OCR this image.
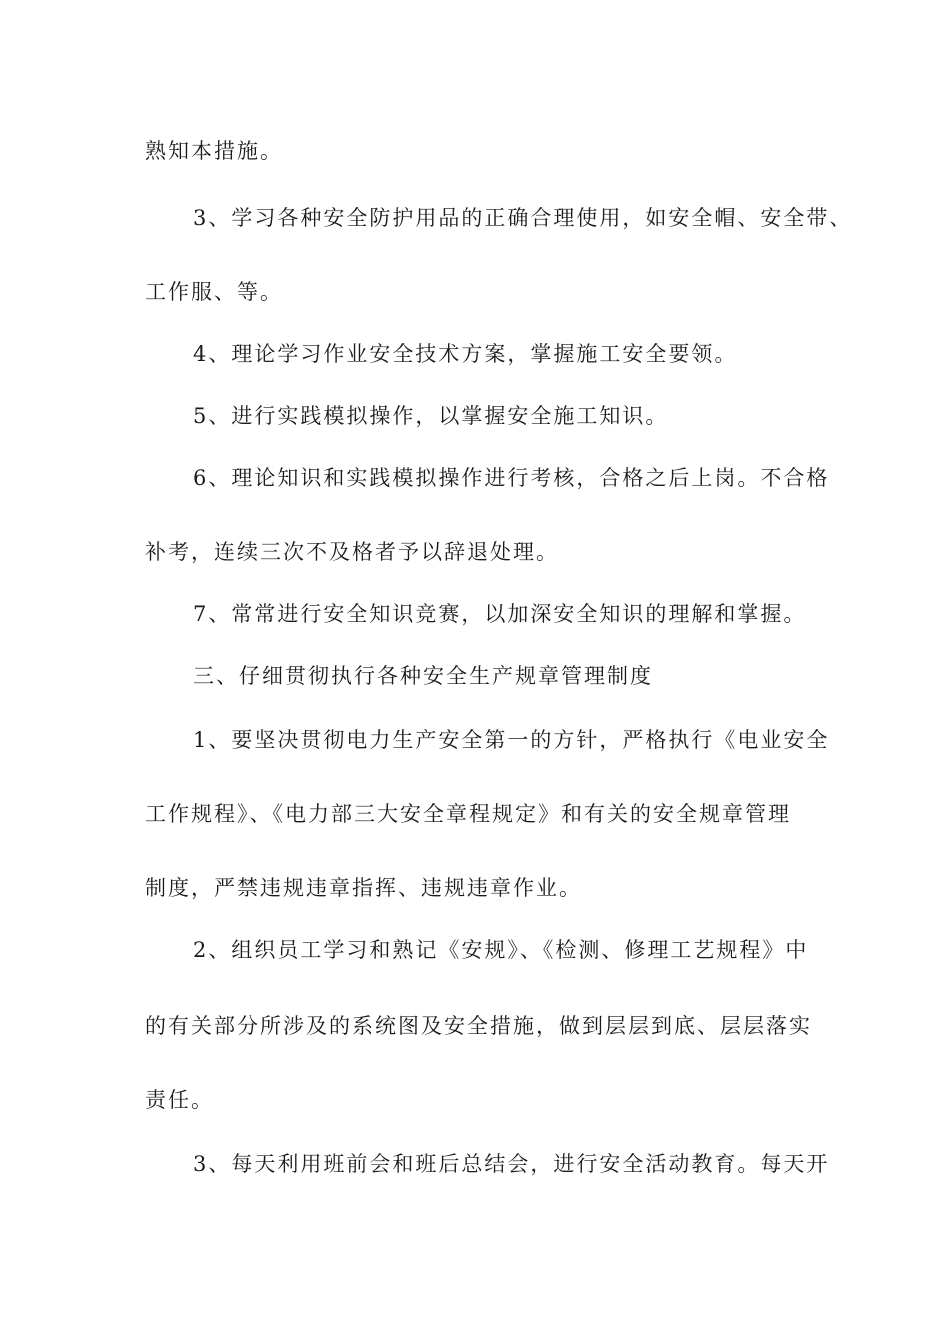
熟知本措施。
3、学习各种安全防护用品的正确合理使用，如安全帽、安全带、
工作服、等。
4、理论学习作业安全技术方案，掌握施工安全要领。
5、进行实践模拟操作，以掌握安全施工知识。
6、理论知识和实践模拟操作进行考核，合格之后上岗。不合格
补考，连续三次不及格者予以辞退处理。
7、常常进行安全知识竞赛，以加深安全知识的理解和掌握。
三、仔细贯彻执行各种安全生产规章管理制度
1、要坚决贯彻电力生产安全第一的方针，严格执行《电业安全
工作规程》、《电力部三大安全章程规定》和有关的安全规章管理
制度，严禁违规违章指挥、违规违章作业。
2、组织员工学习和熟记《安规》、《检测、修理工艺规程》中
的有关部分所涉及的系统图及安全措施，做到层层到底、层层落实
责任。
3、每天利用班前会和班后总结会，进行安全活动教育。每天开
